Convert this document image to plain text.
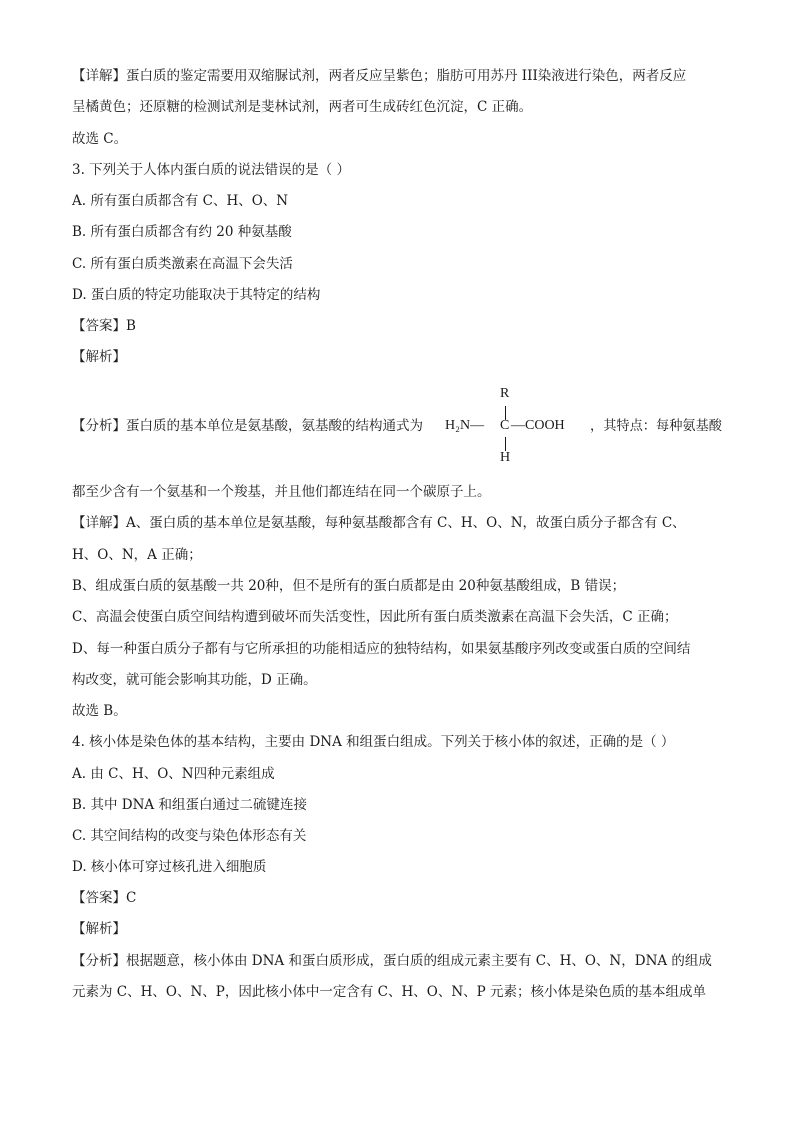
【详解】蛋白质的鉴定需要用双缩脲试剂，两者反应呈紫色；脂肪可用苏丹 III染液进行染色，两者反应
呈橘黄色；还原糖的检测试剂是斐林试剂，两者可生成砖红色沉淀，C 正确。
故选 C。
3. 下列关于人体内蛋白质的说法错误的是（ ）
A. 所有蛋白质都含有 C、H、O、N
B. 所有蛋白质都含有约 20 种氨基酸
C. 所有蛋白质类激素在高温下会失活
D. 蛋白质的特定功能取决于其特定的结构
【答案】B
【解析】
【分析】蛋白质的基本单位是氨基酸，氨基酸的结构通式为
R
H₂N— C —COOH
H
，其特点：每种氨基酸
都至少含有一个氨基和一个羧基，并且他们都连结在同一个碳原子上。
【详解】A、蛋白质的基本单位是氨基酸，每种氨基酸都含有 C、H、O、N，故蛋白质分子都含有 C、
H、O、N，A 正确；
B、组成蛋白质的氨基酸一共 20种，但不是所有的蛋白质都是由 20种氨基酸组成，B 错误；
C、高温会使蛋白质空间结构遭到破坏而失活变性，因此所有蛋白质类激素在高温下会失活，C 正确；
D、每一种蛋白质分子都有与它所承担的功能相适应的独特结构，如果氨基酸序列改变或蛋白质的空间结
构改变，就可能会影响其功能，D 正确。
故选 B。
4. 核小体是染色体的基本结构，主要由 DNA 和组蛋白组成。下列关于核小体的叙述，正确的是（ ）
A. 由 C、H、O、N四种元素组成
B. 其中 DNA 和组蛋白通过二硫键连接
C. 其空间结构的改变与染色体形态有关
D. 核小体可穿过核孔进入细胞质
【答案】C
【解析】
【分析】根据题意，核小体由 DNA 和蛋白质形成，蛋白质的组成元素主要有 C、H、O、N，DNA 的组成
元素为 C、H、O、N、P，因此核小体中一定含有 C、H、O、N、P 元素；核小体是染色质的基本组成单
